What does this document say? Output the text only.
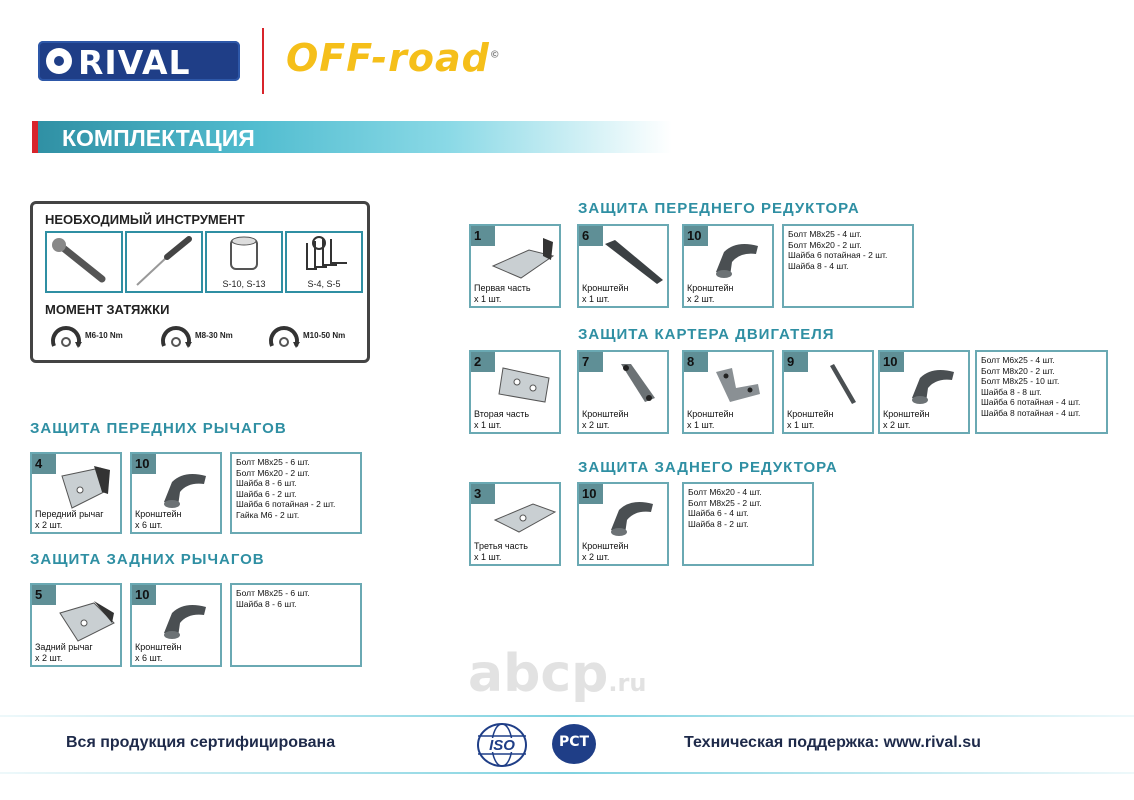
RIVAL	OFF-road©
КОМПЛЕКТАЦИЯ
НЕОБХОДИМЫЙ ИНСТРУМЕНТ
S-10, S-13	S-4, S-5
МОМЕНТ ЗАТЯЖКИ
M6-10 Nm	M8-30 Nm	M10-50 Nm
ЗАЩИТА ПЕРЕДНИХ РЫЧАГОВ
4
Передний рычаг
x 2 шт.
10
Кронштейн
x 6 шт.
Болт М8х25 - 6 шт.
Болт М6х20 - 2 шт.
Шайба 8 - 6 шт.
Шайба 6 - 2 шт.
Шайба 6 потайная - 2 шт.
Гайка М6 - 2 шт.
ЗАЩИТА ЗАДНИХ РЫЧАГОВ
5
Задний рычаг
x 2 шт.
10
Кронштейн
x 6 шт.
Болт М8х25 - 6 шт.
Шайба 8 - 6 шт.
ЗАЩИТА ПЕРЕДНЕГО РЕДУКТОРА
1
Первая часть
x 1 шт.
6
Кронштейн
x 1 шт.
10
Кронштейн
x 2 шт.
Болт М8х25 - 4 шт.
Болт М6х20 - 2 шт.
Шайба 6 потайная - 2 шт.
Шайба 8 - 4 шт.
ЗАЩИТА КАРТЕРА ДВИГАТЕЛЯ
2
Вторая часть
x 1 шт.
7
Кронштейн
x 2 шт.
8
Кронштейн
x 1 шт.
9
Кронштейн
x 1 шт.
10
Кронштейн
x 2 шт.
Болт М6х25 - 4 шт.
Болт М8х20 - 2 шт.
Болт М8х25 - 10 шт.
Шайба 8 - 8 шт.
Шайба 6 потайная - 4 шт.
Шайба 8 потайная - 4 шт.
ЗАЩИТА ЗАДНЕГО РЕДУКТОРА
3
Третья часть
x 1 шт.
10
Кронштейн
x 2 шт.
Болт М6х20 - 4 шт.
Болт М8х25 - 2 шт.
Шайба 6 - 4 шт.
Шайба 8 - 2 шт.
abcp.ru
Вся продукция сертифицирована	ISO	РСТ	Техническая поддержка: www.rival.su
